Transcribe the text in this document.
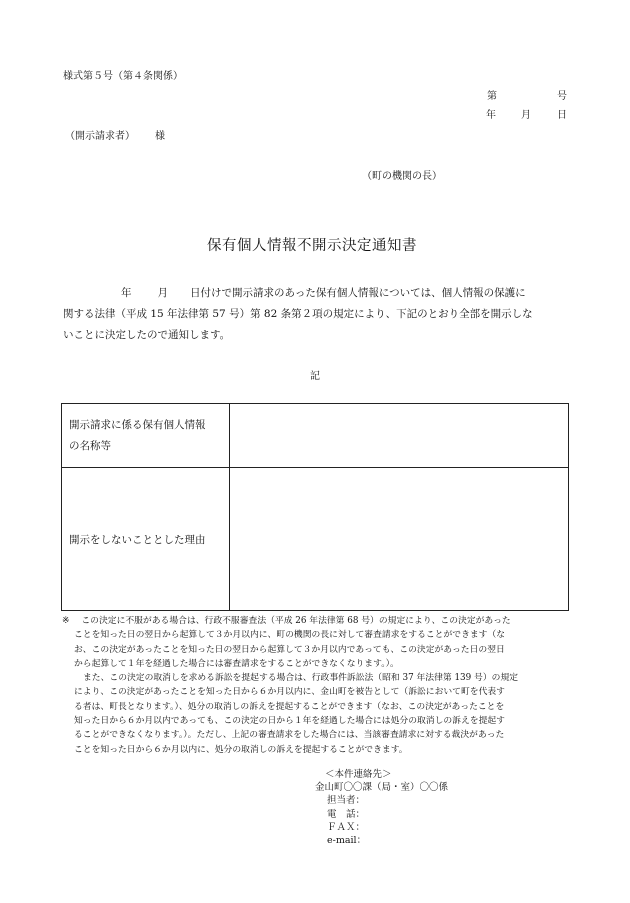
様式第５号（第４条関係）
第	号
年	月	日
（開示請求者） 様
（町の機関の長）
保有個人情報不開示決定通知書

年 月 日付けで開示請求のあった保有個人情報については、個人情報の保護に

関する法律（平成 15 年法律第 57 号）第 82 条第２項の規定により、下記のとおり全部を開示しな

いことに決定したので通知します。

記
開示請求に係る保有個人情報
の名称等	

開示をしないこととした理由	

※ この決定に不服がある場合は、行政不服審査法（平成 26 年法律第 68 号）の規定により、この決定があった

ことを知った日の翌日から起算して３か月以内に、町の機関の長に対して審査請求をすることができます（な

お、この決定があったことを知った日の翌日から起算して３か月以内であっても、この決定があった日の翌日

から起算して１年を経過した場合には審査請求をすることができなくなります。）。

また、この決定の取消しを求める訴訟を提起する場合は、行政事件訴訟法（昭和 37 年法律第 139 号）の規定

により、この決定があったことを知った日から６か月以内に、金山町を被告として（訴訟において町を代表す

る者は、町長となります。）、処分の取消しの訴えを提起することができます（なお、この決定があったことを

知った日から６か月以内であっても、この決定の日から１年を経過した場合には処分の取消しの訴えを提起す

ることができなくなります。）。ただし、上記の審査請求をした場合には、当該審査請求に対する裁決があった

ことを知った日から６か月以内に、処分の取消しの訴えを提起することができます。

＜本件連絡先＞
金山町〇〇課（局・室）〇〇係
担当者：
電　話：
ＦＡＸ：
e-mail：
